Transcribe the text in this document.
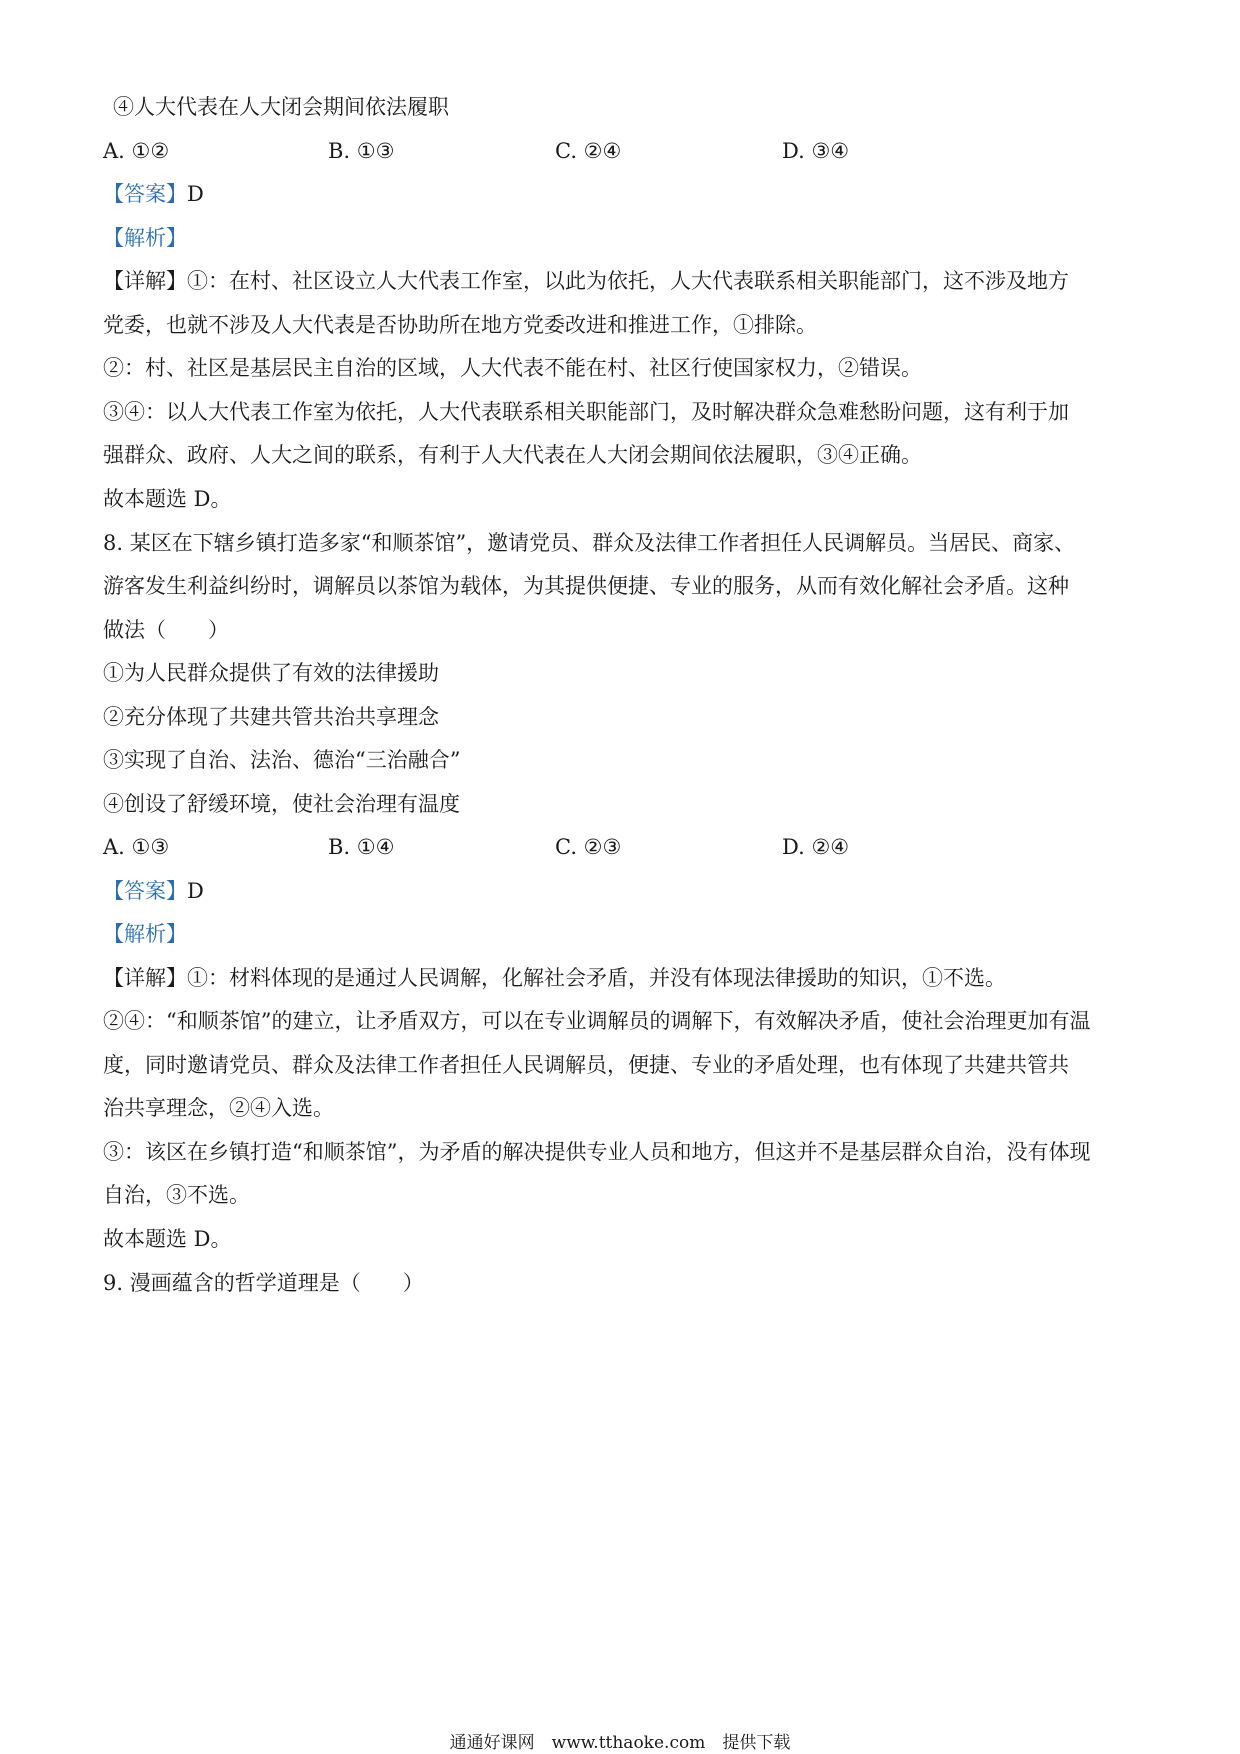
④人大代表在人大闭会期间依法履职
A. ①②	B. ①③	C. ②④	D. ③④
【答案】D
【解析】
【详解】①：在村、社区设立人大代表工作室，以此为依托，人大代表联系相关职能部门，这不涉及地方
党委，也就不涉及人大代表是否协助所在地方党委改进和推进工作，①排除。
②：村、社区是基层民主自治的区域，人大代表不能在村、社区行使国家权力，②错误。
③④：以人大代表工作室为依托，人大代表联系相关职能部门，及时解决群众急难愁盼问题，这有利于加
强群众、政府、人大之间的联系，有利于人大代表在人大闭会期间依法履职，③④正确。
故本题选 D。
8. 某区在下辖乡镇打造多家“和顺茶馆”，邀请党员、群众及法律工作者担任人民调解员。当居民、商家、
游客发生利益纠纷时，调解员以茶馆为载体，为其提供便捷、专业的服务，从而有效化解社会矛盾。这种
做法（　　）
①为人民群众提供了有效的法律援助
②充分体现了共建共管共治共享理念
③实现了自治、法治、德治“三治融合”
④创设了舒缓环境，使社会治理有温度
A. ①③	B. ①④	C. ②③	D. ②④
【答案】D
【解析】
【详解】①：材料体现的是通过人民调解，化解社会矛盾，并没有体现法律援助的知识，①不选。
②④：“和顺茶馆”的建立，让矛盾双方，可以在专业调解员的调解下，有效解决矛盾，使社会治理更加有温
度，同时邀请党员、群众及法律工作者担任人民调解员，便捷、专业的矛盾处理，也有体现了共建共管共
治共享理念，②④入选。
③：该区在乡镇打造“和顺茶馆”，为矛盾的解决提供专业人员和地方，但这并不是基层群众自治，没有体现
自治，③不选。
故本题选 D。
9. 漫画蕴含的哲学道理是（　　）
通通好课网　www.tthaoke.com　提供下载
